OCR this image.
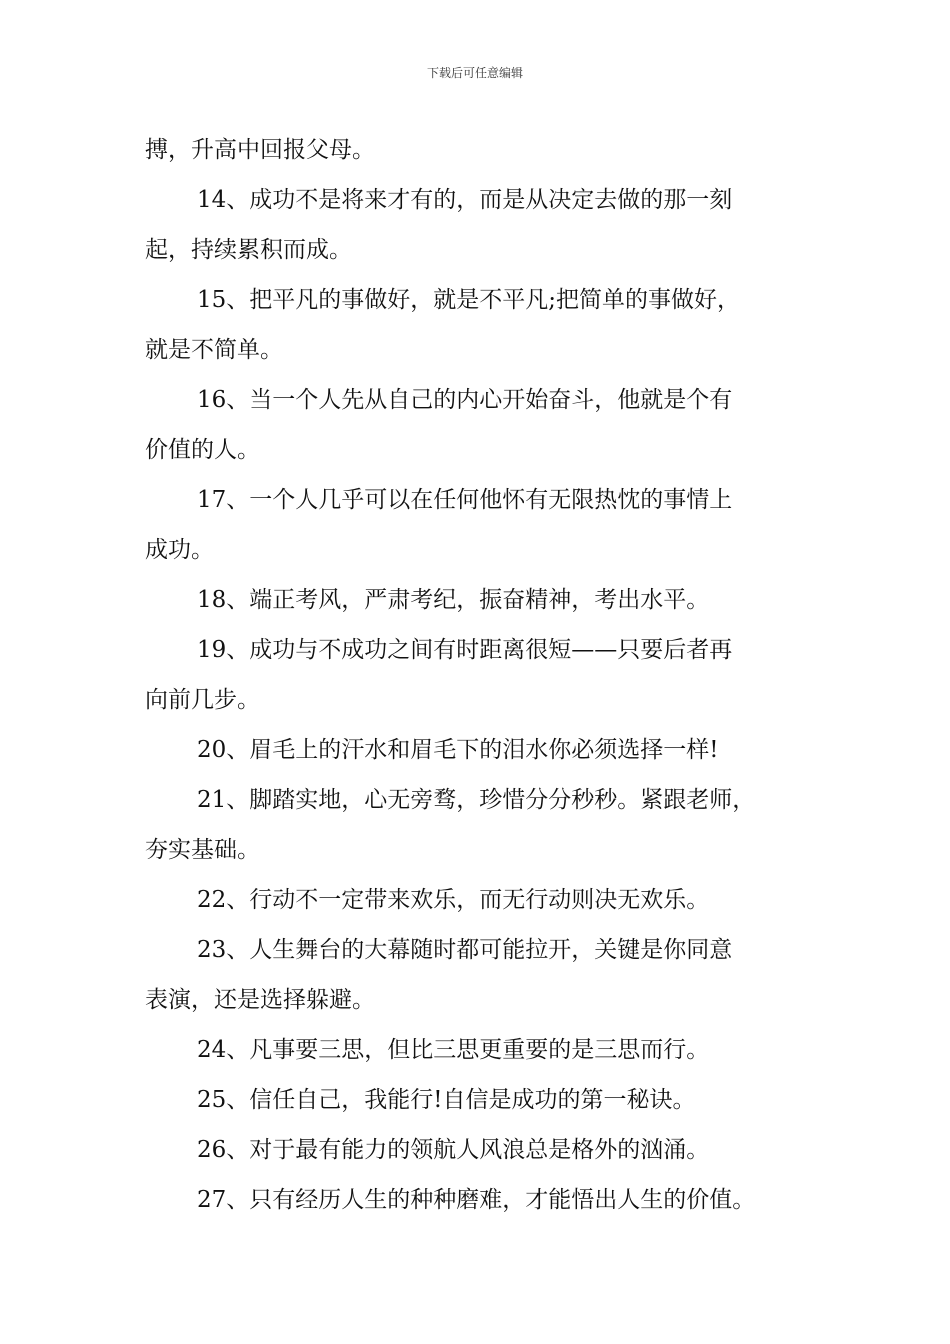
下载后可任意编辑

搏，升高中回报父母。

14、成功不是将来才有的，而是从决定去做的那一刻
起，持续累积而成。

15、把平凡的事做好，就是不平凡;把简单的事做好，
就是不简单。

16、当一个人先从自己的内心开始奋斗，他就是个有
价值的人。

17、一个人几乎可以在任何他怀有无限热忱的事情上
成功。

18、端正考风，严肃考纪，振奋精神，考出水平。

19、成功与不成功之间有时距离很短——只要后者再
向前几步。

20、眉毛上的汗水和眉毛下的泪水你必须选择一样!

21、脚踏实地，心无旁骛，珍惜分分秒秒。紧跟老师，
夯实基础。

22、行动不一定带来欢乐，而无行动则决无欢乐。

23、人生舞台的大幕随时都可能拉开，关键是你同意
表演，还是选择躲避。

24、凡事要三思，但比三思更重要的是三思而行。

25、信任自己，我能行!自信是成功的第一秘诀。

26、对于最有能力的领航人风浪总是格外的汹涌。

27、只有经历人生的种种磨难，才能悟出人生的价值。
